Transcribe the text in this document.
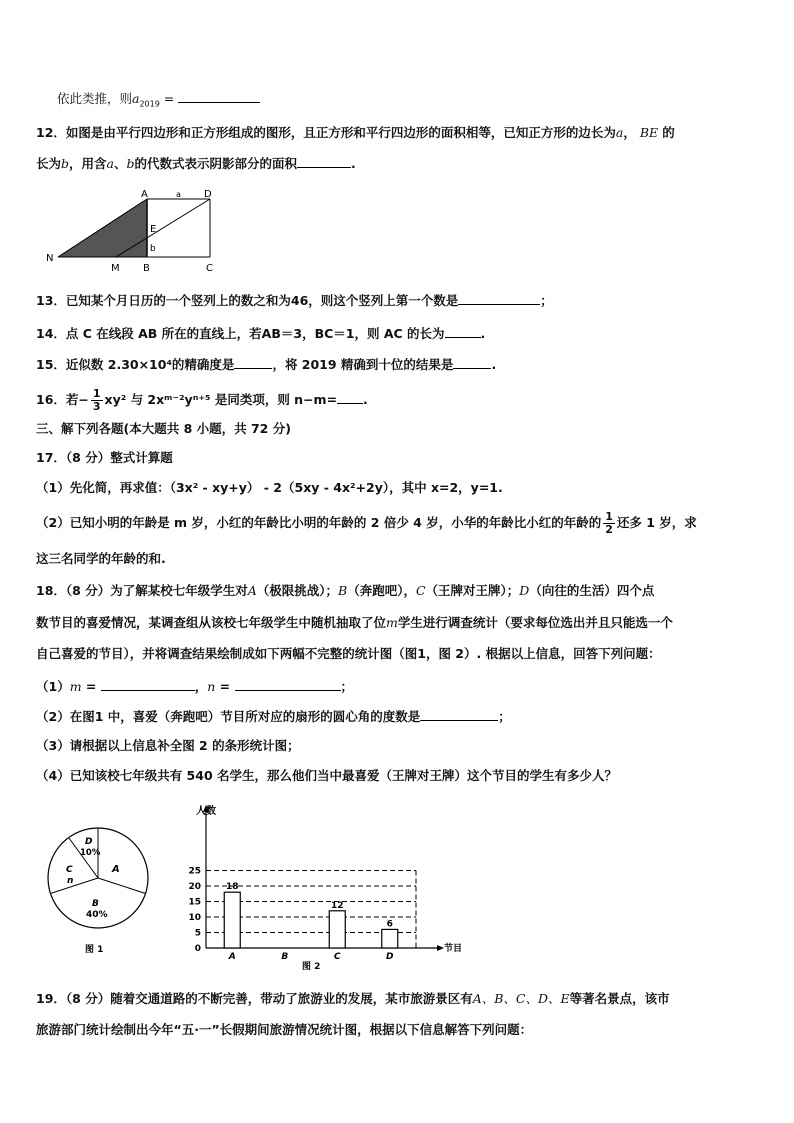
依此类推，则$a_{2019}$ =
12．如图是由平行四边形和正方形组成的图形，且正方形和平行四边形的面积相等，已知正方形的边长为a， BE 的
长为b，用含a、b的代数式表示阴影部分的面积	.
A	D
a
E
b
N
M B	C
13．已知某个月日历的一个竖列上的数之和为46，则这个竖列上第一个数是	；
14．点 C 在线段 AB 所在的直线上，若AB＝3，BC＝1，则 AC 的长为	.
15．近似数 2.30×10⁴的精确度是	，将 2019 精确到十位的结果是	.
16．若− $\frac{1}{3} xy^2$ 与 2xᵐ⁻²yⁿ⁺⁵ 是同类项，则 n−m= .
三、解下列各题(本大题共 8 小题，共 72 分)
17．（8 分）整式计算题
（1）先化简，再求值：（3x² - xy+y） - 2（5xy - 4x²+2y），其中 x=2，y=1.
（2）已知小明的年龄是 m 岁，小红的年龄比小明的年龄的 2 倍少 4 岁，小华的年龄比小红的年龄的 $\frac{1}{2}$ 还多 1 岁，求
这三名同学的年龄的和.
18．（8 分）为了解某校七年级学生对A（极限挑战）；B（奔跑吧），C（王牌对王牌）；D（向往的生活）四个点
数节目的喜爱情况，某调查组从该校七年级学生中随机抽取了位m学生进行调查统计（要求每位选出并且只能选一个
自己喜爱的节目），并将调查结果绘制成如下两幅不完整的统计图（图1，图 2）. 根据以上信息，回答下列问题：
（1）m =	，n =	；
（2）在图1 中，喜爱（奔跑吧）节目所对应的扇形的圆心角的度数是	；
（3）请根据以上信息补全图 2 的条形统计图；
（4）已知该校七年级共有 540 名学生，那么他们当中最喜爱（王牌对王牌）这个节目的学生有多少人？
D
10%
C
n
A
B
40%
图 1	0
5
10
15
20
25
A
18
B	C
12
D
6
人数
节目
图 2
19．（8 分）随着交通道路的不断完善，带动了旅游业的发展，某市旅游景区有A、B、C、D、E等著名景点，该市
旅游部门统计绘制出今年“五·一”长假期间旅游情况统计图，根据以下信息解答下列问题：
